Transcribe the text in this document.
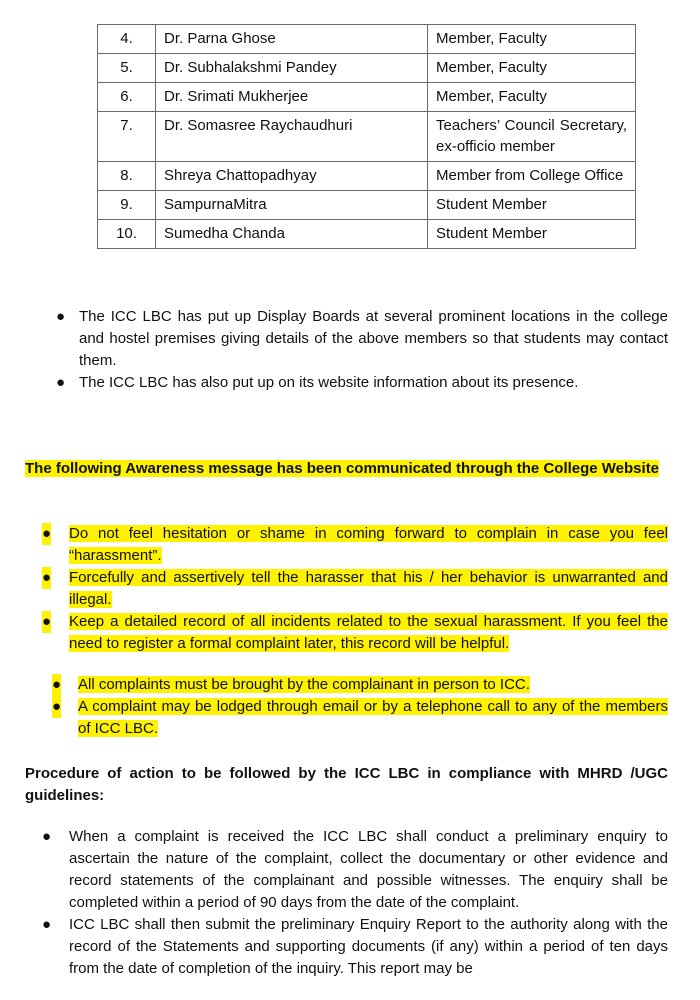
4.	Dr. Parna Ghose	Member, Faculty
5.	Dr. Subhalakshmi Pandey	Member, Faculty
6.	Dr. Srimati Mukherjee	Member, Faculty
7.	Dr. Somasree Raychaudhuri	Teachers’ Council Secretary, ex-officio member
8.	Shreya Chattopadhyay	Member from College Office
9.	SampurnaMitra	Student Member
10.	Sumedha Chanda	Student Member
● The ICC LBC has put up Display Boards at several prominent locations in the college and hostel premises giving details of the above members so that students may contact them.
● The ICC LBC has also put up on its website information about its presence.

The following Awareness message has been communicated through the College Website

● Do not feel hesitation or shame in coming forward to complain in case you feel “harassment”.
● Forcefully and assertively tell the harasser that his / her behavior is unwarranted and illegal.
● Keep a detailed record of all incidents related to the sexual harassment. If you feel the need to register a formal complaint later, this record will be helpful.
● All complaints must be brought by the complainant in person to ICC.
● A complaint may be lodged through email or by a telephone call to any of the members of ICC LBC.

Procedure of action to be followed by the ICC LBC in compliance with MHRD /UGC guidelines:

● When a complaint is received the ICC LBC shall conduct a preliminary enquiry to ascertain the nature of the complaint, collect the documentary or other evidence and record statements of the complainant and possible witnesses. The enquiry shall be completed within a period of 90 days from the date of the complaint.
● ICC LBC shall then submit the preliminary Enquiry Report to the authority along with the record of the Statements and supporting documents (if any) within a period of ten days from the date of completion of the inquiry. This report may be
